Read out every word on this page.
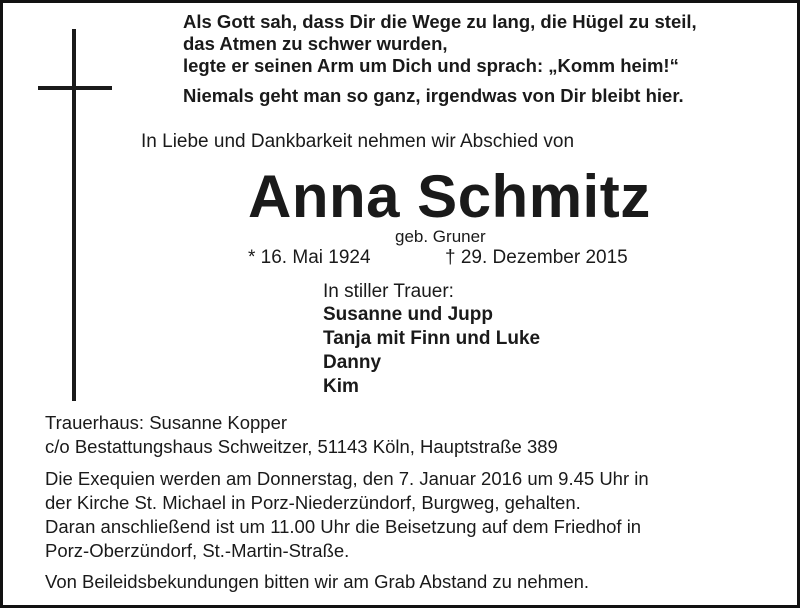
Als Gott sah, dass Dir die Wege zu lang, die Hügel zu steil,
das Atmen zu schwer wurden,
legte er seinen Arm um Dich und sprach: „Komm heim!“
Niemals geht man so ganz, irgendwas von Dir bleibt hier.
In Liebe und Dankbarkeit nehmen wir Abschied von
Anna Schmitz
geb. Gruner
* 16. Mai 1924	† 29. Dezember 2015
In stiller Trauer:
Susanne und Jupp
Tanja mit Finn und Luke
Danny
Kim
Trauerhaus: Susanne Kopper
c/o Bestattungshaus Schweitzer, 51143 Köln, Hauptstraße 389
Die Exequien werden am Donnerstag, den 7. Januar 2016 um 9.45 Uhr in
der Kirche St. Michael in Porz-Niederzündorf, Burgweg, gehalten.
Daran anschließend ist um 11.00 Uhr die Beisetzung auf dem Friedhof in
Porz-Oberzündorf, St.-Martin-Straße.
Von Beileidsbekundungen bitten wir am Grab Abstand zu nehmen.
